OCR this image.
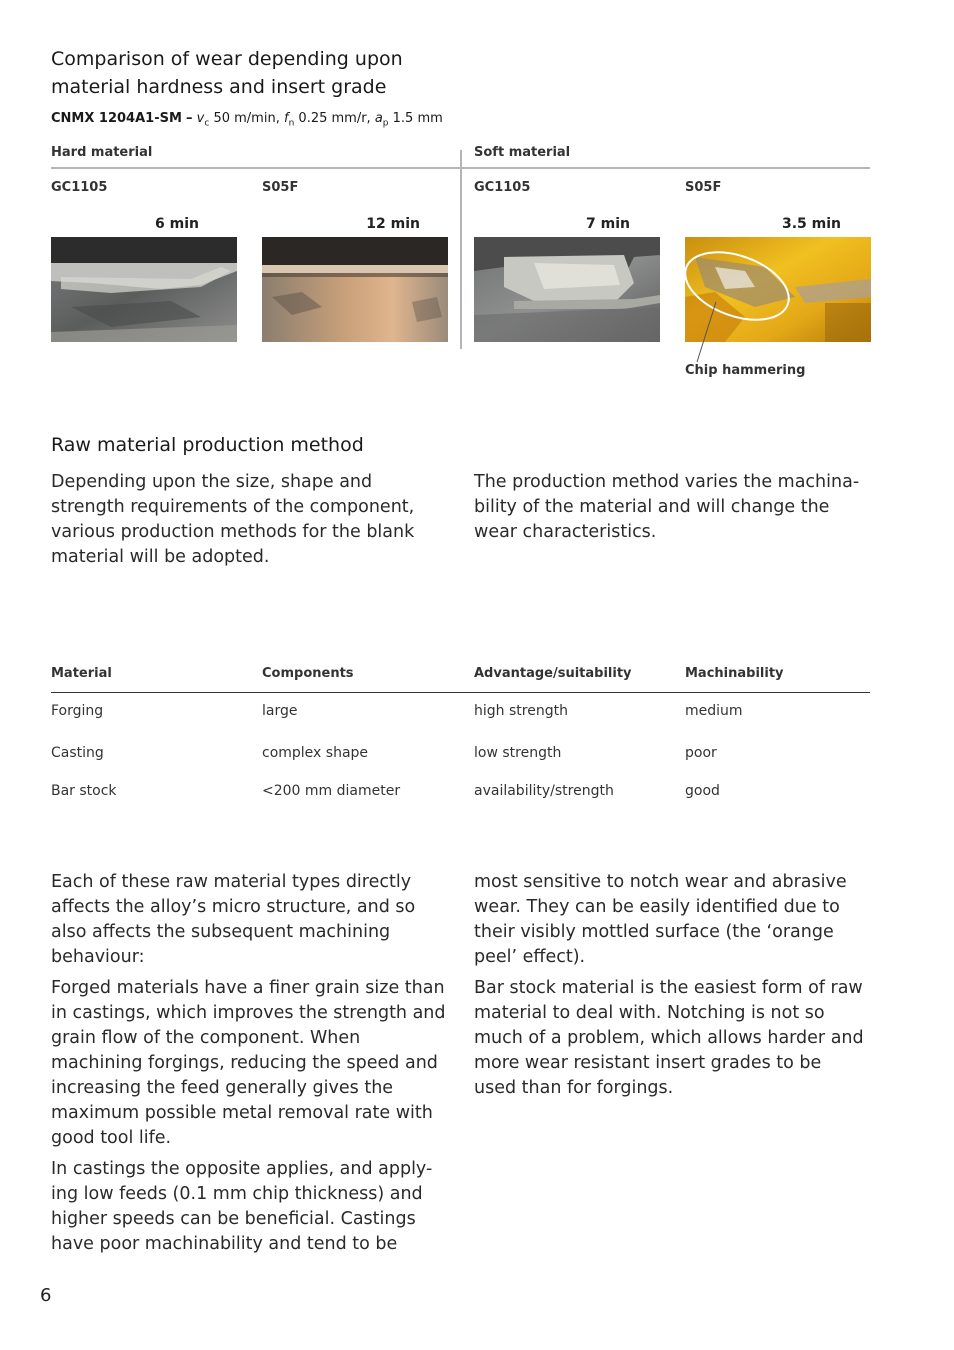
Comparison of wear depending upon
material hardness and insert grade
CNMX $1204A1-SM - v_c$ 50 m/min, $f_n$ 0.25 mm/r, $a_p$ 1.5 mm
Hard material	Soft material
GC1105	S05F	GC1105	S05F
6 min	12 min	7 min	3.5 min
Chip hammering
Raw material production method
Depending upon the size, shape and strength requirements of the component, various production methods for the blank material will be adopted.
The production method varies the machina-bility of the material and will change the wear characteristics.
Material	Components	Advantage/suitability	Machinability
Forging	large	high strength	medium
Casting	complex shape	low strength	poor
Bar stock	<200 mm diameter	availability/strength	good

Each of these raw material types directly affects the alloy’s micro structure, and so also affects the subsequent machining behaviour:

Forged materials have a finer grain size than in castings, which improves the strength and grain flow of the component. When machining forgings, reducing the speed and increasing the feed generally gives the maximum possible metal removal rate with good tool life.

In castings the opposite applies, and apply-ing low feeds (0.1 mm chip thickness) and higher speeds can be beneficial. Castings have poor machinability and tend to be

most sensitive to notch wear and abrasive wear. They can be easily identified due to their visibly mottled surface (the ‘orange peel’ effect).

Bar stock material is the easiest form of raw material to deal with. Notching is not so much of a problem, which allows harder and more wear resistant insert grades to be used than for forgings.

6
